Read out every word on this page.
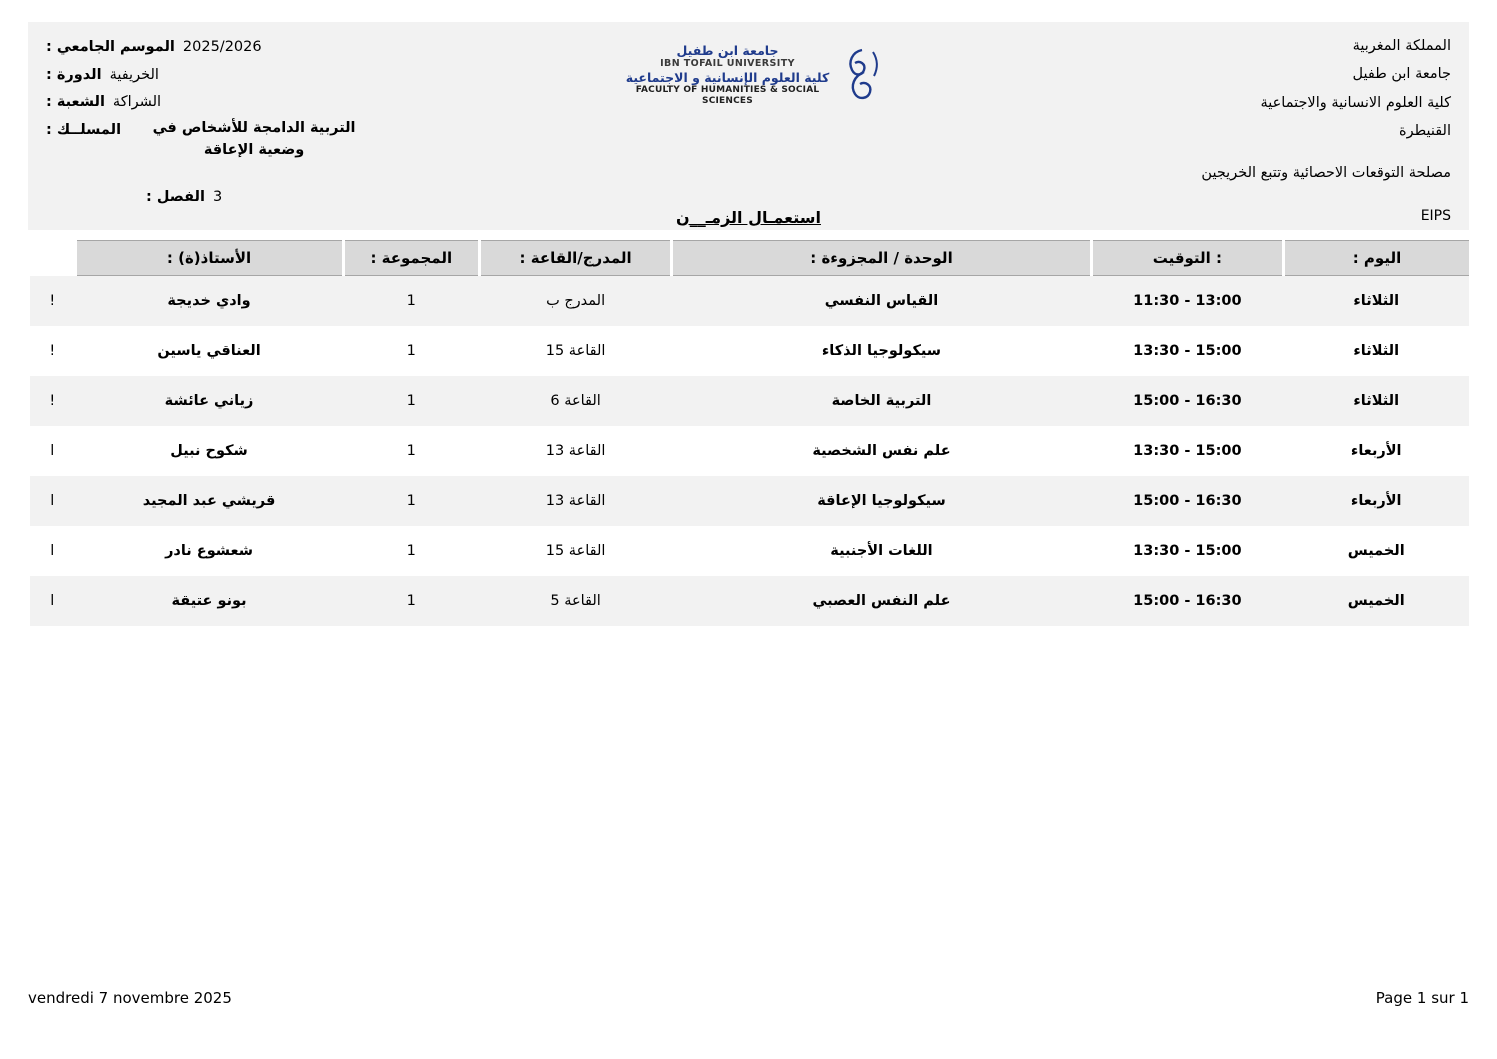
المملكة المغربية
جامعة ابن طفيل
كلية العلوم الانسانية والاجتماعية
القنيطرة
مصلحة التوقعات الاحصائية وتتبع الخريجين
EIPS
جامعة ابن طفيل
IBN TOFAIL UNIVERSITY
كلية العلوم الإنسانية و الاجتماعية
FACULTY OF HUMANITIES & SOCIAL SCIENCES
استعمـال الزمـ__ن
2025/2026
الموسم الجامعي :
الخريفية
الدورة :
الشراكة
الشعبة :
التربية الدامجة للأشخاص في وضعية الإعاقة
المسلــك :
3
الفصل :
اليوم :	التوقيت :	الوحدة / المجزوءة :	المدرج/القاعة :	المجموعة :	الأستاذ(ة) :	
الثلاثاء	11:30 - 13:00	القياس النفسي	المدرج ب	1	وادي خديجة	!
الثلاثاء	13:30 - 15:00	سيكولوجيا الذكاء	القاعة 15	1	العناقي ياسين	!
الثلاثاء	15:00 - 16:30	التربية الخاصة	القاعة 6	1	زياني عائشة	!
الأربعاء	13:30 - 15:00	علم نفس الشخصية	القاعة 13	1	شكوح نبيل	ا
الأربعاء	15:00 - 16:30	سيكولوجيا الإعاقة	القاعة 13	1	قريشي عبد المجيد	ا
الخميس	13:30 - 15:00	اللغات الأجنبية	القاعة 15	1	شعشوع نادر	ا
الخميس	15:00 - 16:30	علم النفس العصبي	القاعة 5	1	بونو عتيقة	ا
vendredi 7 novembre 2025	Page 1 sur 1
